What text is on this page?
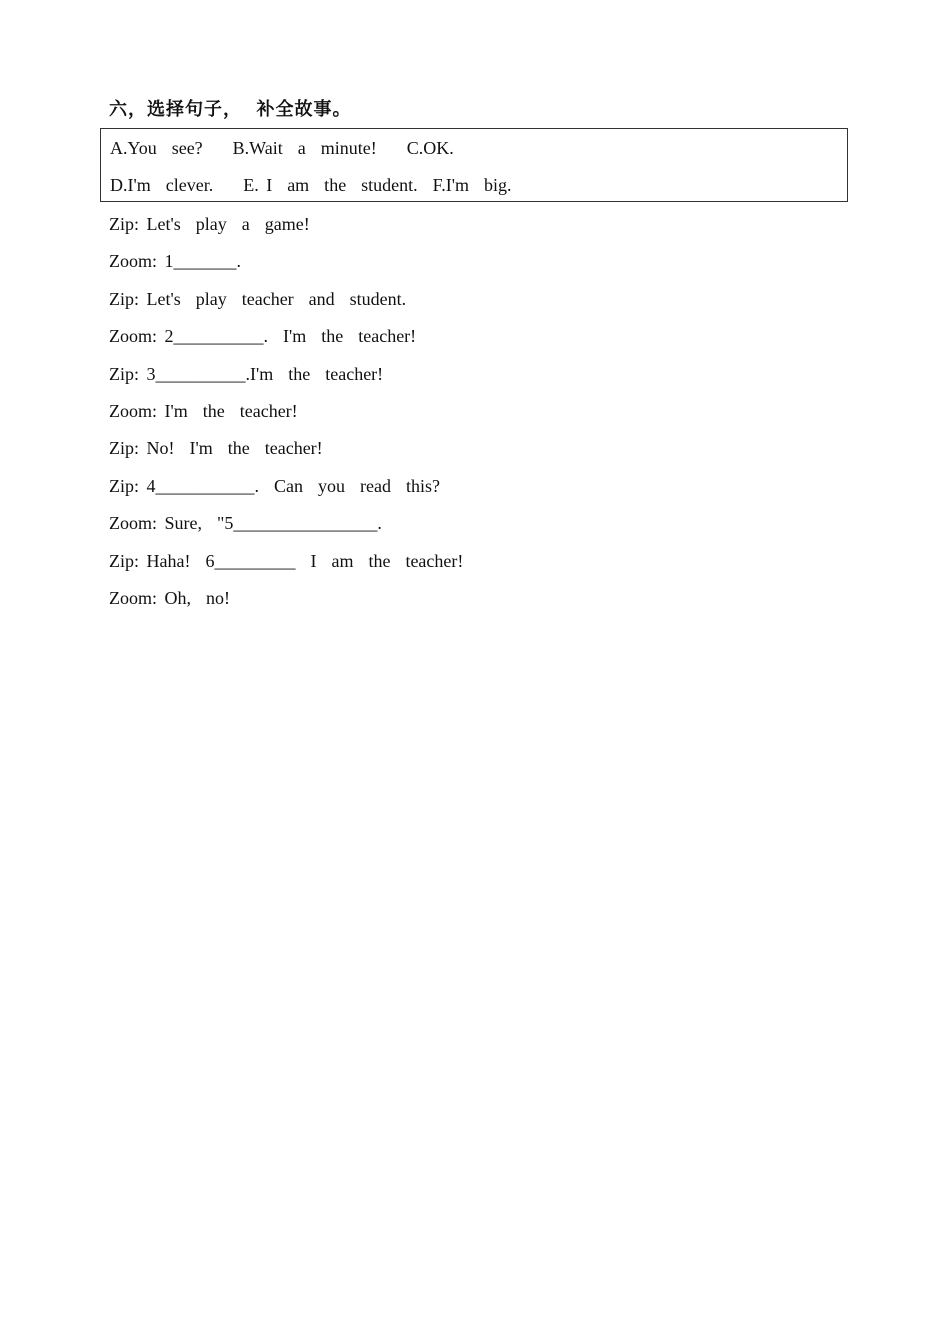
六，选择句子，  补全故事。
A.You  see?    B.Wait  a  minute!    C.OK.
D.I'm  clever.    E. I  am  the  student.  F.I'm  big.
Zip: Let's  play  a  game!
Zoom: 1_______.
Zip: Let's  play  teacher  and  student.
Zoom: 2__________.  I'm  the  teacher!
Zip: 3__________.I'm  the  teacher!
Zoom: I'm  the  teacher!
Zip: No!  I'm  the  teacher!
Zip: 4___________.  Can  you  read  this?
Zoom: Sure,  "5________________.
Zip: Haha!  6_________  I  am  the  teacher!
Zoom: Oh,  no!
